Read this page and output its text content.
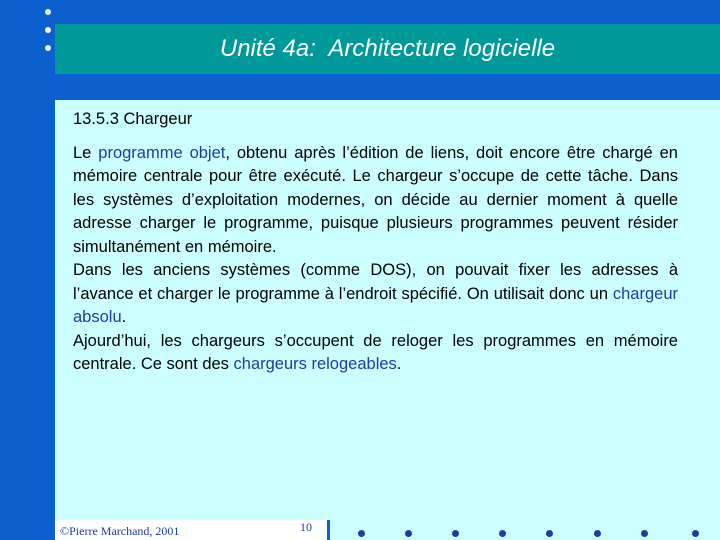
Unité 4a:  Architecture logicielle

13.5.3 Chargeur

Le programme objet, obtenu après l’édition de liens, doit encore être chargé en mémoire centrale pour être exécuté. Le chargeur s’occupe de cette tâche. Dans les systèmes d’exploitation modernes, on décide au dernier moment à quelle adresse charger le programme, puisque plusieurs programmes peuvent résider simultanément en mémoire.

Dans les anciens systèmes (comme DOS), on pouvait fixer les adresses à l’avance et charger le programme à l’endroit spécifié. On utilisait donc un chargeur absolu.

Ajourd’hui, les chargeurs s’occupent de reloger les programmes en mémoire centrale. Ce sont des chargeurs relogeables.

©Pierre Marchand, 2001	10
